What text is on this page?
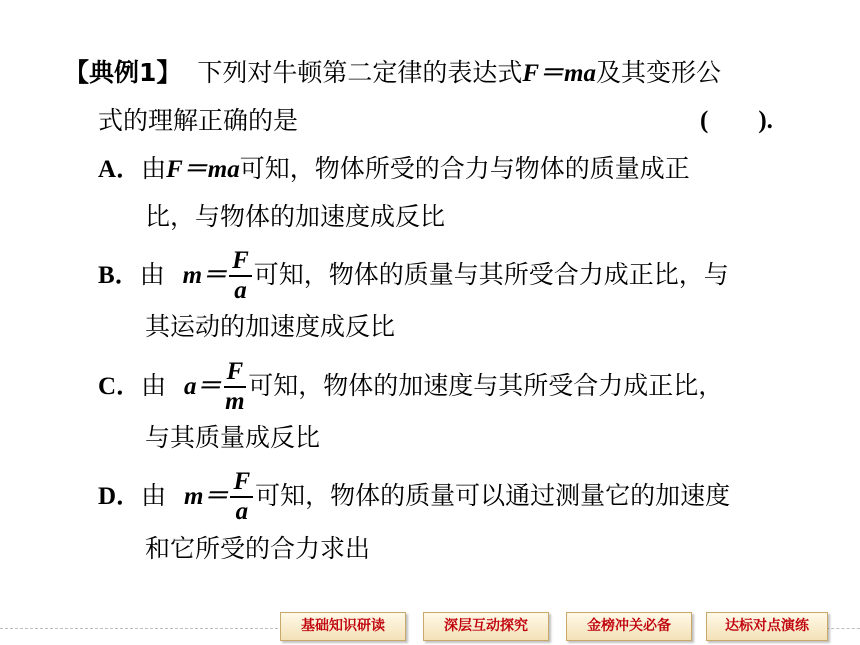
【典例1】 下列对牛顿第二定律的表达式F＝ma及其变形公
式的理解正确的是	(　　).
A．由F＝ma可知，物体所受的合力与物体的质量成正
比，与物体的加速度成反比
B．由 $m= \frac{F}{a}$ 可知，物体的质量与其所受合力成正比，与
其运动的加速度成反比
C．由 $a= \frac{F}{m}$ 可知，物体的加速度与其所受合力成正比，
与其质量成反比
D．由 $m= \frac{F}{a}$ 可知，物体的质量可以通过测量它的加速度
和它所受的合力求出
基础知识研读	深层互动探究	金榜冲关必备	达标对点演练
